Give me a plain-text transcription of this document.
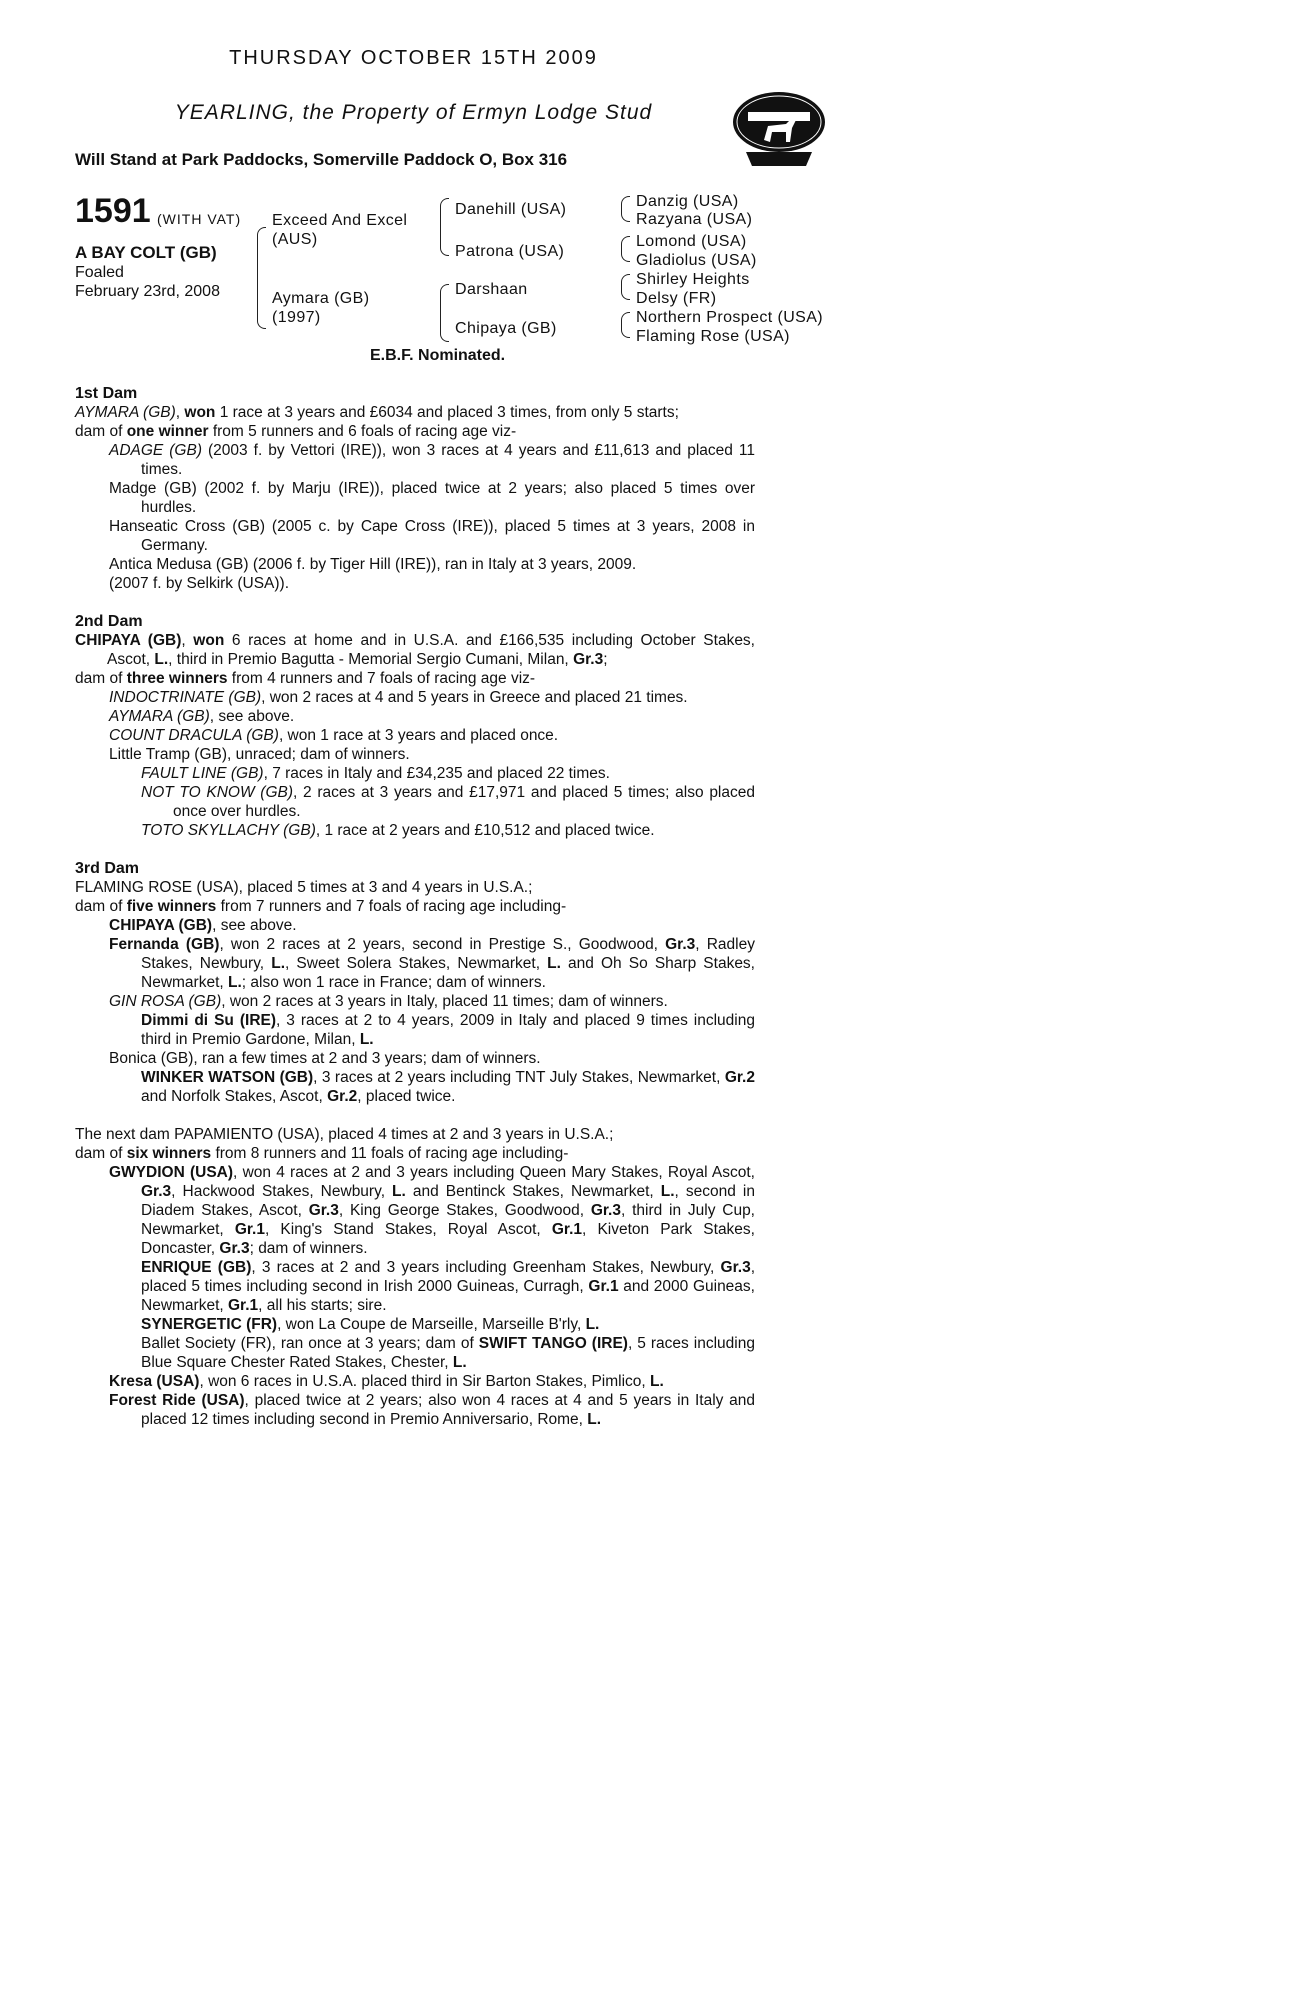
THURSDAY OCTOBER 15TH 2009
YEARLING, the Property of Ermyn Lodge Stud
Will Stand at Park Paddocks, Somerville Paddock O, Box 316
1591 (WITH VAT)
A BAY COLT (GB)
Foaled
February 23rd, 2008
Exceed And Excel
(AUS)
Aymara (GB)
(1997)
Danehill (USA)
Patrona (USA)
Darshaan
Chipaya (GB)
Danzig (USA)
Razyana (USA)
Lomond (USA)
Gladiolus (USA)
Shirley Heights
Delsy (FR)
Northern Prospect (USA)
Flaming Rose (USA)
E.B.F. Nominated.

1st Dam

AYMARA (GB), won 1 race at 3 years and £6034 and placed 3 times, from only 5 starts;

dam of one winner from 5 runners and 6 foals of racing age viz-

ADAGE (GB) (2003 f. by Vettori (IRE)), won 3 races at 4 years and £11,613 and placed 11 times.

Madge (GB) (2002 f. by Marju (IRE)), placed twice at 2 years; also placed 5 times over hurdles.

Hanseatic Cross (GB) (2005 c. by Cape Cross (IRE)), placed 5 times at 3 years, 2008 in Germany.

Antica Medusa (GB) (2006 f. by Tiger Hill (IRE)), ran in Italy at 3 years, 2009.

(2007 f. by Selkirk (USA)).

2nd Dam

CHIPAYA (GB), won 6 races at home and in U.S.A. and £166,535 including October Stakes, Ascot, L., third in Premio Bagutta - Memorial Sergio Cumani, Milan, Gr.3;

dam of three winners from 4 runners and 7 foals of racing age viz-

INDOCTRINATE (GB), won 2 races at 4 and 5 years in Greece and placed 21 times.

AYMARA (GB), see above.

COUNT DRACULA (GB), won 1 race at 3 years and placed once.

Little Tramp (GB), unraced; dam of winners.

FAULT LINE (GB), 7 races in Italy and £34,235 and placed 22 times.

NOT TO KNOW (GB), 2 races at 3 years and £17,971 and placed 5 times; also placed once over hurdles.

TOTO SKYLLACHY (GB), 1 race at 2 years and £10,512 and placed twice.

3rd Dam

FLAMING ROSE (USA), placed 5 times at 3 and 4 years in U.S.A.;

dam of five winners from 7 runners and 7 foals of racing age including-

CHIPAYA (GB), see above.

Fernanda (GB), won 2 races at 2 years, second in Prestige S., Goodwood, Gr.3, Radley Stakes, Newbury, L., Sweet Solera Stakes, Newmarket, L. and Oh So Sharp Stakes, Newmarket, L.; also won 1 race in France; dam of winners.

GIN ROSA (GB), won 2 races at 3 years in Italy, placed 11 times; dam of winners.

Dimmi di Su (IRE), 3 races at 2 to 4 years, 2009 in Italy and placed 9 times including third in Premio Gardone, Milan, L.

Bonica (GB), ran a few times at 2 and 3 years; dam of winners.

WINKER WATSON (GB), 3 races at 2 years including TNT July Stakes, Newmarket, Gr.2 and Norfolk Stakes, Ascot, Gr.2, placed twice.

The next dam PAPAMIENTO (USA), placed 4 times at 2 and 3 years in U.S.A.;

dam of six winners from 8 runners and 11 foals of racing age including-

GWYDION (USA), won 4 races at 2 and 3 years including Queen Mary Stakes, Royal Ascot, Gr.3, Hackwood Stakes, Newbury, L. and Bentinck Stakes, Newmarket, L., second in Diadem Stakes, Ascot, Gr.3, King George Stakes, Goodwood, Gr.3, third in July Cup, Newmarket, Gr.1, King's Stand Stakes, Royal Ascot, Gr.1, Kiveton Park Stakes, Doncaster, Gr.3; dam of winners.

ENRIQUE (GB), 3 races at 2 and 3 years including Greenham Stakes, Newbury, Gr.3, placed 5 times including second in Irish 2000 Guineas, Curragh, Gr.1 and 2000 Guineas, Newmarket, Gr.1, all his starts; sire.

SYNERGETIC (FR), won La Coupe de Marseille, Marseille B'rly, L.

Ballet Society (FR), ran once at 3 years; dam of SWIFT TANGO (IRE), 5 races including Blue Square Chester Rated Stakes, Chester, L.

Kresa (USA), won 6 races in U.S.A. placed third in Sir Barton Stakes, Pimlico, L.

Forest Ride (USA), placed twice at 2 years; also won 4 races at 4 and 5 years in Italy and placed 12 times including second in Premio Anniversario, Rome, L.
